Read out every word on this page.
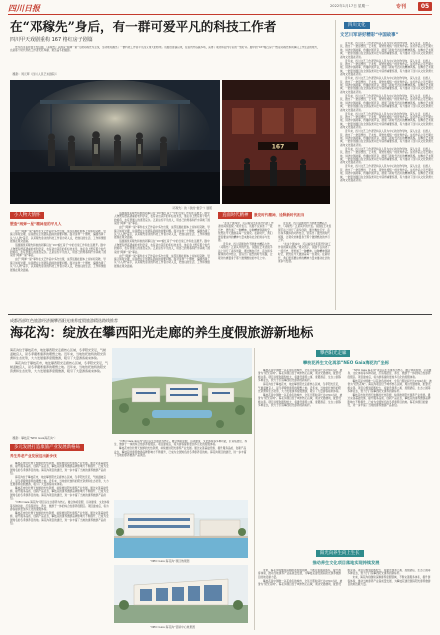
四川日报	2022年1月17日 星期一	专刊	05
在“邓稼先”身后，有一群可爱平凡的科技工作者
四川甲天戏剧重构 167 格红房子剧篇

作为四川省原创大型话剧，《邓稼先》以国家“两弹一星”元勋邓稼先为主线，生动地刻画出了一群科技工作者平凡而又伟大的形象。该剧自首演以来，在省内外巡演多场，获得了观众和业内专家的一致好评。剧中的“167格红房子”既是邓稼先和同事们工作生活的地方，也是那个时代科技工作者无私奉献、艰苦奋斗的缩影。

〔摄影：周元辉（四川人民艺术剧院）〕
167
〔邓稼先〕的《我的“数字”》剧照
四川文化
文艺川军讲好精彩“中国故事”

近年来，四川文艺工作者坚持以人民为中心的创作导向，深入生活、扎根人民，推出了一批思想性、艺术性、观赏性相统一的优秀作品。这些作品立足巴蜀大地，讲述中国故事，传播中国声音，展现了新时代四川的精神风貌。在舞台艺术领域，一批原创剧目在全国各类评比中获得重要奖项，有力推动了四川从文化资源大省向文化强省迈进。

近年来，四川文艺工作者坚持以人民为中心的创作导向，深入生活、扎根人民，推出了一批思想性、艺术性、观赏性相统一的优秀作品。这些作品立足巴蜀大地，讲述中国故事，传播中国声音，展现了新时代四川的精神风貌。在舞台艺术领域，一批原创剧目在全国各类评比中获得重要奖项，有力推动了四川从文化资源大省向文化强省迈进。

近年来，四川文艺工作者坚持以人民为中心的创作导向，深入生活、扎根人民，推出了一批思想性、艺术性、观赏性相统一的优秀作品。这些作品立足巴蜀大地，讲述中国故事，传播中国声音，展现了新时代四川的精神风貌。在舞台艺术领域，一批原创剧目在全国各类评比中获得重要奖项，有力推动了四川从文化资源大省向文化强省迈进。

近年来，四川文艺工作者坚持以人民为中心的创作导向，深入生活、扎根人民，推出了一批思想性、艺术性、观赏性相统一的优秀作品。这些作品立足巴蜀大地，讲述中国故事，传播中国声音，展现了新时代四川的精神风貌。在舞台艺术领域，一批原创剧目在全国各类评比中获得重要奖项，有力推动了四川从文化资源大省向文化强省迈进。

近年来，四川文艺工作者坚持以人民为中心的创作导向，深入生活、扎根人民，推出了一批思想性、艺术性、观赏性相统一的优秀作品。这些作品立足巴蜀大地，讲述中国故事，传播中国声音，展现了新时代四川的精神风貌。在舞台艺术领域，一批原创剧目在全国各类评比中获得重要奖项，有力推动了四川从文化资源大省向文化强省迈进。

近年来，四川文艺工作者坚持以人民为中心的创作导向，深入生活、扎根人民，推出了一批思想性、艺术性、观赏性相统一的优秀作品。这些作品立足巴蜀大地，讲述中国故事，传播中国声音，展现了新时代四川的精神风貌。在舞台艺术领域，一批原创剧目在全国各类评比中获得重要奖项，有力推动了四川从文化资源大省向文化强省迈进。

近年来，四川文艺工作者坚持以人民为中心的创作导向，深入生活、扎根人民，推出了一批思想性、艺术性、观赏性相统一的优秀作品。这些作品立足巴蜀大地，讲述中国故事，传播中国声音，展现了新时代四川的精神风貌。在舞台艺术领域，一批原创剧目在全国各类评比中获得重要奖项，有力推动了四川从文化资源大省向文化强省迈进。

近年来，四川文艺工作者坚持以人民为中心的创作导向，深入生活、扎根人民，推出了一批思想性、艺术性、观赏性相统一的优秀作品。这些作品立足巴蜀大地，讲述中国故事，传播中国声音，展现了新时代四川的精神风貌。在舞台艺术领域，一批原创剧目在全国各类评比中获得重要奖项，有力推动了四川从文化资源大省向文化强省迈进。

小人物大情怀
塑造“两弹一星”精神里的平凡人

由于“两弹一星”事件在文艺作品中多次出现，这部话剧在剧本上该如何突破，导演又如何处理，这是摆在主创团队面前的首要问题。面对这样一个题材，编剧选择了从“小人物”着手，以邓稼先身边的科技工作者为切入点，把他们的生活、工作和情感展现在观众面前。

话剧围绕邓稼先和他的同事们在“167格红房子”中的日常工作和生活展开。剧中人物既有德高望重的老科学家，也有初出茅庐的年轻技术员，他们身上既有那个时代的烙印，也有普通人的喜怒哀乐。正是这些平凡的人，用自己的青春和汗水铸就了国家的“两弹一星”事业。

由于“两弹一星”事件在文艺作品中多次出现，这部话剧在剧本上该如何突破，导演又如何处理，这是摆在主创团队面前的首要问题。面对这样一个题材，编剧选择了从“小人物”着手，以邓稼先身边的科技工作者为切入点，把他们的生活、工作和情感展现在观众面前。

话剧围绕邓稼先和他的同事们在“167格红房子”中的日常工作和生活展开。剧中人物既有德高望重的老科学家，也有初出茅庐的年轻技术员，他们身上既有那个时代的烙印，也有普通人的喜怒哀乐。正是这些平凡的人，用自己的青春和汗水铸就了国家的“两弹一星”事业。

由于“两弹一星”事件在文艺作品中多次出现，这部话剧在剧本上该如何突破，导演又如何处理，这是摆在主创团队面前的首要问题。面对这样一个题材，编剧选择了从“小人物”着手，以邓稼先身边的科技工作者为切入点，把他们的生活、工作和情感展现在观众面前。

话剧围绕邓稼先和他的同事们在“167格红房子”中的日常工作和生活展开。剧中人物既有德高望重的老科学家，也有初出茅庐的年轻技术员，他们身上既有那个时代的烙印，也有普通人的喜怒哀乐。正是这些平凡的人，用自己的青春和汗水铸就了国家的“两弹一星”事业。

由于“两弹一星”事件在文艺作品中多次出现，这部话剧在剧本上该如何突破，导演又如何处理，这是摆在主创团队面前的首要问题。面对这样一个题材，编剧选择了从“小人物”着手，以邓稼先身边的科技工作者为切入点，把他们的生活、工作和情感展现在观众面前。

直面时代精神	激发时代精神，诠释新时代担当

“在这个剧本中，可以看到当年那代科技工作者的真实面貌。”观众表示，该剧不仅讲述了一段历史，更传递了一种精神。这种精神穿越时空，依然在今天激励着每一位观众。在新时代，我们更需要这样的精神力量来推动社会的进步与发展。

近年来，四川话剧创作不断推出精品力作，《邓稼先》正是其中的代表。该剧在艺术表现手法上进行了诸多创新，通过舞台灯光、音乐和多媒体的巧妙结合，营造出了强烈的时代氛围，让观众仿佛置身于那个激情燃烧的岁月之中。

近年来，四川话剧创作不断推出精品力作，《邓稼先》正是其中的代表。该剧在艺术表现手法上进行了诸多创新，通过舞台灯光、音乐和多媒体的巧妙结合，营造出了强烈的时代氛围，让观众仿佛置身于那个激情燃烧的岁月之中。

“在这个剧本中，可以看到当年那代科技工作者的真实面貌。”观众表示，该剧不仅讲述了一段历史，更传递了一种精神。这种精神穿越时空，依然在今天激励着每一位观众。在新时代，我们更需要这样的精神力量来推动社会的进步与发展。

成都西部红色旅游经济圈攀西阳光康养度假旅游精选路线推荐
海花沟：绽放在攀西阳光走廊的养生度假旅游新地标

海花沟位于攀枝花市，地处攀西阳光走廊核心区域，冬季阳光充足，气候温暖宜人，是冬季避寒康养的理想之地。近年来，当地依托独特的阳光资源和生态优势，大力发展康养度假旅游，吸引了大量游客前来体验。

海花沟位于攀枝花市，地处攀西阳光走廊核心区域，冬季阳光充足，气候温暖宜人，是冬季避寒康养的理想之地。近年来，当地依托独特的阳光资源和生态优势，大力发展康养度假旅游，吸引了大量游客前来体验。

〔摄影：攀枝花“NEO Gaia海花沟”〕
多元发展打造康旅产业发展新格局
养生养老产业发展迈出新步伐

攀枝花市依托得天独厚的光热资源，持续推进阳光康养产业发展。通过完善基础设施、提升服务品质、创新产品业态，攀枝花的康养旅游品牌影响力不断提升，已成为全国知名的冬季康养目的地。海花沟项目的建设，进一步丰富了当地的康养旅游产品供给。

海花沟位于攀枝花市，地处攀西阳光走廊核心区域，冬季阳光充足，气候温暖宜人，是冬季避寒康养的理想之地。近年来，当地依托独特的阳光资源和生态优势，大力发展康养度假旅游，吸引了大量游客前来体验。

攀枝花市依托得天独厚的光热资源，持续推进阳光康养产业发展。通过完善基础设施、提升服务品质、创新产品业态，攀枝花的康养旅游品牌影响力不断提升，已成为全国知名的冬季康养目的地。海花沟项目的建设，进一步丰富了当地的康养旅游产品供给。

“NEO Gaia 海花沟”项目以生态康养为核心，融合休闲度假、运动健身、文化体验等多种功能，打造集居住、养生、旅游于一体的综合性康养度假区。项目建成后，将为游客提供更加多元化的度假体验。

攀枝花市依托得天独厚的光热资源，持续推进阳光康养产业发展。通过完善基础设施、提升服务品质、创新产品业态，攀枝花的康养旅游品牌影响力不断提升，已成为全国知名的冬季康养目的地。海花沟项目的建设，进一步丰富了当地的康养旅游产品供给。

“NEO Gaia 海花沟”项目以生态康养为核心，融合休闲度假、运动健身、文化体验等多种功能，打造集居住、养生、旅游于一体的综合性康养度假区。项目建成后，将为游客提供更加多元化的度假体验。

攀枝花市依托得天独厚的光热资源，持续推进阳光康养产业发展。通过完善基础设施、提升服务品质、创新产品业态，攀枝花的康养旅游品牌影响力不断提升，已成为全国知名的冬季康养目的地。海花沟项目的建设，进一步丰富了当地的康养旅游产品供给。

“NEO Gaia 海花沟”项目效果图
“NEO Gaia 海花沟”营销中心效果图
攀西阳光走廊
攀枝花养生文化再添“NEO Gaia海花沟”坐标

攀枝花是中国唯一以花命名的城市，全年日照时间长达2700小时，被誉为“阳光花城”。海花沟项目位于城市核心区域，周边交通便利，配套设施完善。项目总规划面积较大，将建设康养公寓、度假酒店、生态公园等多种业态，致力于打造攀西阳光康养的新标杆。

海花沟位于攀枝花市，地处攀西阳光走廊核心区域，冬季阳光充足，气候温暖宜人，是冬季避寒康养的理想之地。近年来，当地依托独特的阳光资源和生态优势，大力发展康养度假旅游，吸引了大量游客前来体验。

攀枝花是中国唯一以花命名的城市，全年日照时间长达2700小时，被誉为“阳光花城”。海花沟项目位于城市核心区域，周边交通便利，配套设施完善。项目总规划面积较大，将建设康养公寓、度假酒店、生态公园等多种业态，致力于打造攀西阳光康养的新标杆。

“NEO Gaia 海花沟”项目以生态康养为核心，融合休闲度假、运动健身、文化体验等多种功能，打造集居住、养生、旅游于一体的综合性康养度假区。项目建成后，将为游客提供更加多元化的度假体验。

攀枝花是中国唯一以花命名的城市，全年日照时间长达2700小时，被誉为“阳光花城”。海花沟项目位于城市核心区域，周边交通便利，配套设施完善。项目总规划面积较大，将建设康养公寓、度假酒店、生态公园等多种业态，致力于打造攀西阳光康养的新标杆。

攀枝花市依托得天独厚的光热资源，持续推进阳光康养产业发展。通过完善基础设施、提升服务品质、创新产品业态，攀枝花的康养旅游品牌影响力不断提升，已成为全国知名的冬季康养目的地。海花沟项目的建设，进一步丰富了当地的康养旅游产品供给。

阳光向养生向上生长
推动养生文化项目落地实现持续发展

未来，海花沟将继续深耕康养度假领域，不断完善服务体系，提升游客体验，推动当地康养产业高质量发展，为攀枝花建设国际阳光康养旅游目的地贡献力量。

攀枝花是中国唯一以花命名的城市，全年日照时间长达2700小时，被誉为“阳光花城”。海花沟项目位于城市核心区域，周边交通便利，配套设施完善。项目总规划面积较大，将建设康养公寓、度假酒店、生态公园等多种业态，致力于打造攀西阳光康养的新标杆。

未来，海花沟将继续深耕康养度假领域，不断完善服务体系，提升游客体验，推动当地康养产业高质量发展，为攀枝花建设国际阳光康养旅游目的地贡献力量。
